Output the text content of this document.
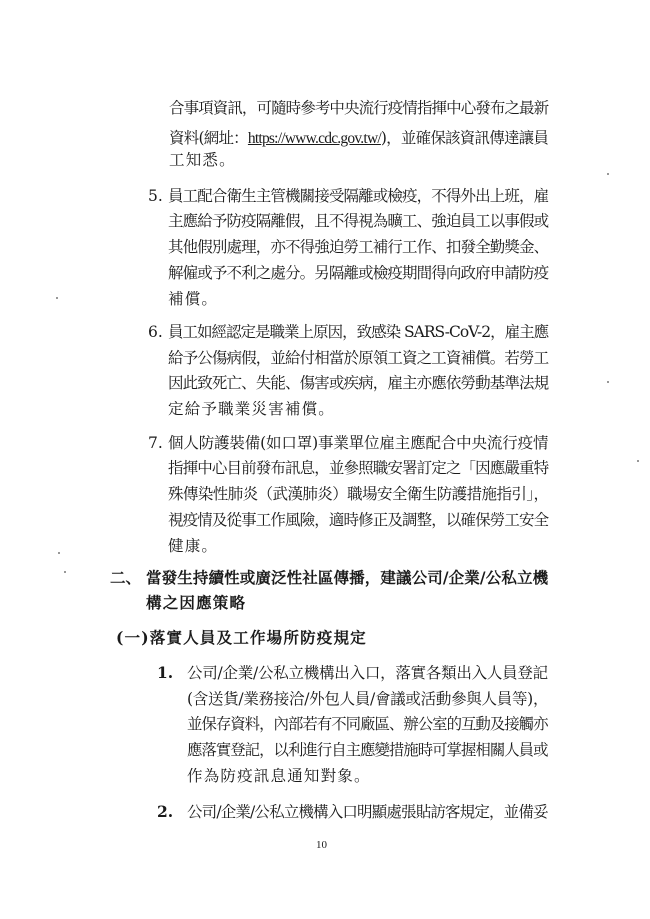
合事項資訊，可隨時參考中央流行疫情指揮中心發布之最新
資料(網址：https://www.cdc.gov.tw/)，並確保該資訊傳達讓員
工知悉。
5. 員工配合衛生主管機關接受隔離或檢疫，不得外出上班，雇
主應給予防疫隔離假，且不得視為曠工、強迫員工以事假或
其他假別處理，亦不得強迫勞工補行工作、扣發全勤獎金、
解僱或予不利之處分。另隔離或檢疫期間得向政府申請防疫
補償。
6. 員工如經認定是職業上原因，致感染 SARS-CoV-2，雇主應
給予公傷病假，並給付相當於原領工資之工資補償。若勞工
因此致死亡、失能、傷害或疾病，雇主亦應依勞動基準法規
定給予職業災害補償。
7. 個人防護裝備(如口罩)事業單位雇主應配合中央流行疫情
指揮中心目前發布訊息，並參照職安署訂定之「因應嚴重特
殊傳染性肺炎（武漢肺炎）職場安全衛生防護措施指引」，
視疫情及從事工作風險，適時修正及調整，以確保勞工安全
健康。
二、 當發生持續性或廣泛性社區傳播，建議公司/企業/公私立機
構之因應策略
(一)落實人員及工作場所防疫規定
1. 公司/企業/公私立機構出入口，落實各類出入人員登記
(含送貨/業務接洽/外包人員/會議或活動參與人員等)，
並保存資料，內部若有不同廠區、辦公室的互動及接觸亦
應落實登記，以利進行自主應變措施時可掌握相關人員或
作為防疫訊息通知對象。
2. 公司/企業/公私立機構入口明顯處張貼訪客規定，並備妥
10
